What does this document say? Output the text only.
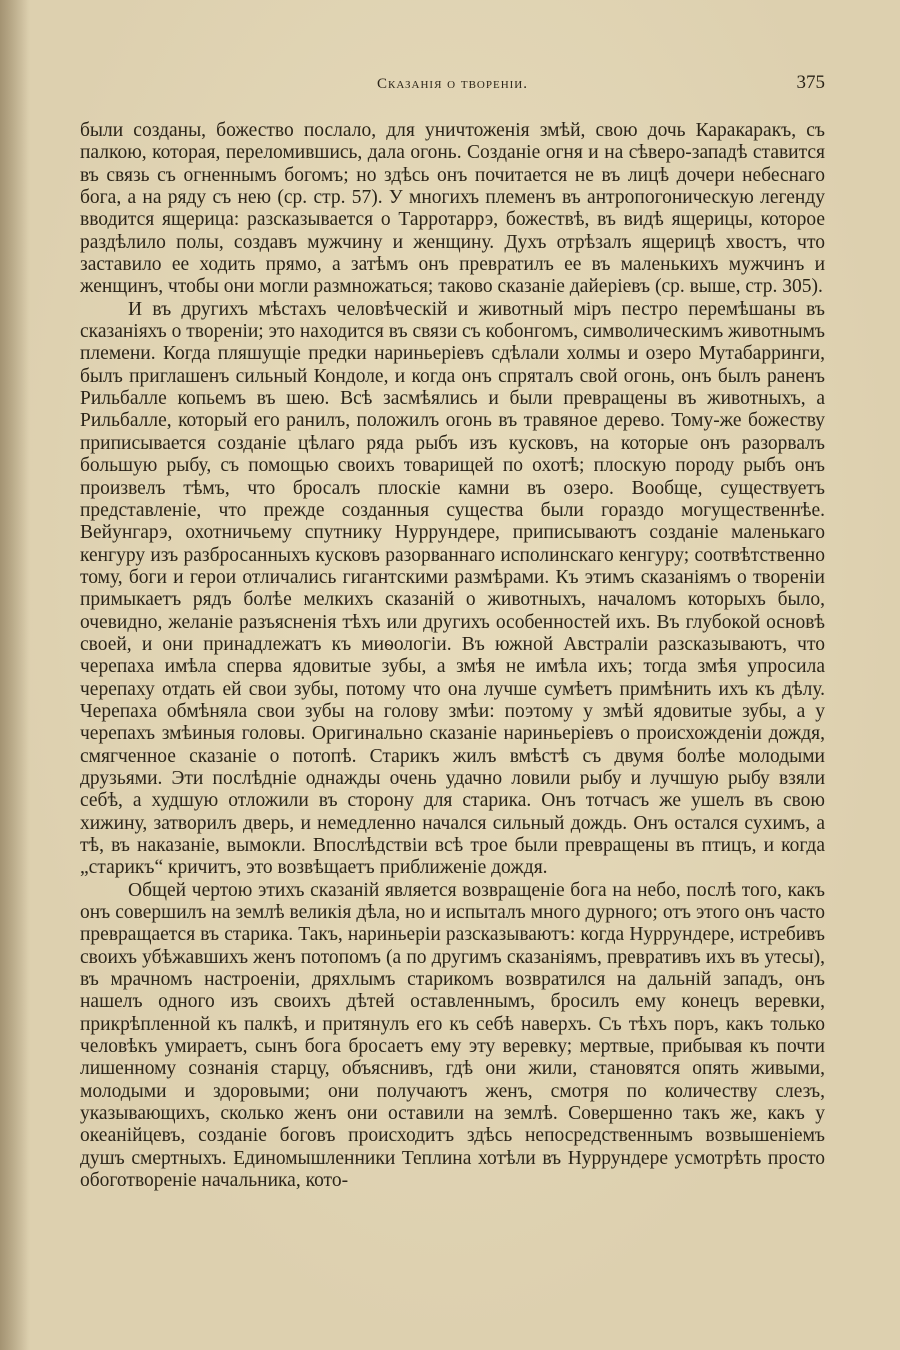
Сказанія о твореніи.	375

были созданы, божество послало, для уничтоженія змѣй, свою дочь Каракаракъ, съ палкою, которая, переломившись, дала огонь. Созданіе огня и на сѣверо-западѣ ставится въ связь съ огненнымъ богомъ; но здѣсь онъ почитается не въ лицѣ дочери небеснаго бога, а на ряду съ нею (ср. стр. 57). У многихъ племенъ въ антропогоническую легенду вводится ящерица: разсказывается о Тарротаррэ, божествѣ, въ видѣ ящерицы, которое раздѣлило полы, создавъ мужчину и женщину. Духъ отрѣзалъ ящерицѣ хвостъ, что заставило ее ходить прямо, а затѣмъ онъ превратилъ ее въ маленькихъ мужчинъ и женщинъ, чтобы они могли размножаться; таково сказаніе дайеріевъ (ср. выше, стр. 305).

И въ другихъ мѣстахъ человѣческій и животный міръ пестро перемѣшаны въ сказаніяхъ о твореніи; это находится въ связи съ кобонгомъ, символическимъ животнымъ племени. Когда пляшущіе предки нариньеріевъ сдѣлали холмы и озеро Мутабарринги, былъ приглашенъ сильный Кондоле, и когда онъ спряталъ свой огонь, онъ былъ раненъ Рильбалле копьемъ въ шею. Всѣ засмѣялись и были превращены въ животныхъ, а Рильбалле, который его ранилъ, положилъ огонь въ травяное дерево. Тому-же божеству приписывается созданіе цѣлаго ряда рыбъ изъ кусковъ, на которые онъ разорвалъ большую рыбу, съ помощью своихъ товарищей по охотѣ; плоскую породу рыбъ онъ произвелъ тѣмъ, что бросалъ плоскіе камни въ озеро. Вообще, существуетъ представленіе, что прежде созданныя существа были гораздо могущественнѣе. Вейунгарэ, охотничьему спутнику Нуррундере, приписываютъ созданіе маленькаго кенгуру изъ разбросанныхъ кусковъ разорваннаго исполинскаго кенгуру; соотвѣтственно тому, боги и герои отличались гигантскими размѣрами. Къ этимъ сказаніямъ о твореніи примыкаетъ рядъ болѣе мелкихъ сказаній о животныхъ, началомъ которыхъ было, очевидно, желаніе разъясненія тѣхъ или другихъ особенностей ихъ. Въ глубокой основѣ своей, и они принадлежатъ къ миѳологіи. Въ южной Австраліи разсказываютъ, что черепаха имѣла сперва ядовитые зубы, а змѣя не имѣла ихъ; тогда змѣя упросила черепаху отдать ей свои зубы, потому что она лучше сумѣетъ примѣнить ихъ къ дѣлу. Черепаха обмѣняла свои зубы на голову змѣи: поэтому у змѣй ядовитые зубы, а у черепахъ змѣиныя головы. Оригинально сказаніе нариньеріевъ о происхожденіи дождя, смягченное сказаніе о потопѣ. Старикъ жилъ вмѣстѣ съ двумя болѣе молодыми друзьями. Эти послѣдніе однажды очень удачно ловили рыбу и лучшую рыбу взяли себѣ, а худшую отложили въ сторону для старика. Онъ тотчасъ же ушелъ въ свою хижину, затворилъ дверь, и немедленно начался сильный дождь. Онъ остался сухимъ, а тѣ, въ наказаніе, вымокли. Впослѣдствіи всѣ трое были превращены въ птицъ, и когда „старикъ“ кричитъ, это возвѣщаетъ приближеніе дождя.

Общей чертою этихъ сказаній является возвращеніе бога на небо, послѣ того, какъ онъ совершилъ на землѣ великія дѣла, но и испыталъ много дурного; отъ этого онъ часто превращается въ старика. Такъ, нариньеріи разсказываютъ: когда Нуррундере, истребивъ своихъ убѣжавшихъ женъ потопомъ (а по другимъ сказаніямъ, превративъ ихъ въ утесы), въ мрачномъ настроеніи, дряхлымъ старикомъ возвратился на дальній западъ, онъ нашелъ одного изъ своихъ дѣтей оставленнымъ, бросилъ ему конецъ веревки, прикрѣпленной къ палкѣ, и притянулъ его къ себѣ наверхъ. Съ тѣхъ поръ, какъ только человѣкъ умираетъ, сынъ бога бросаетъ ему эту веревку; мертвые, прибывая къ почти лишенному сознанія старцу, объяснивъ, гдѣ они жили, становятся опять живыми, молодыми и здоровыми; они получаютъ женъ, смотря по количеству слезъ, указывающихъ, сколько женъ они оставили на землѣ. Совершенно такъ же, какъ у океанійцевъ, созданіе боговъ происходитъ здѣсь непосредственнымъ возвышеніемъ душъ смертныхъ. Единомышленники Теплина хотѣли въ Нуррундере усмотрѣть просто обоготвореніе начальника, кото-
